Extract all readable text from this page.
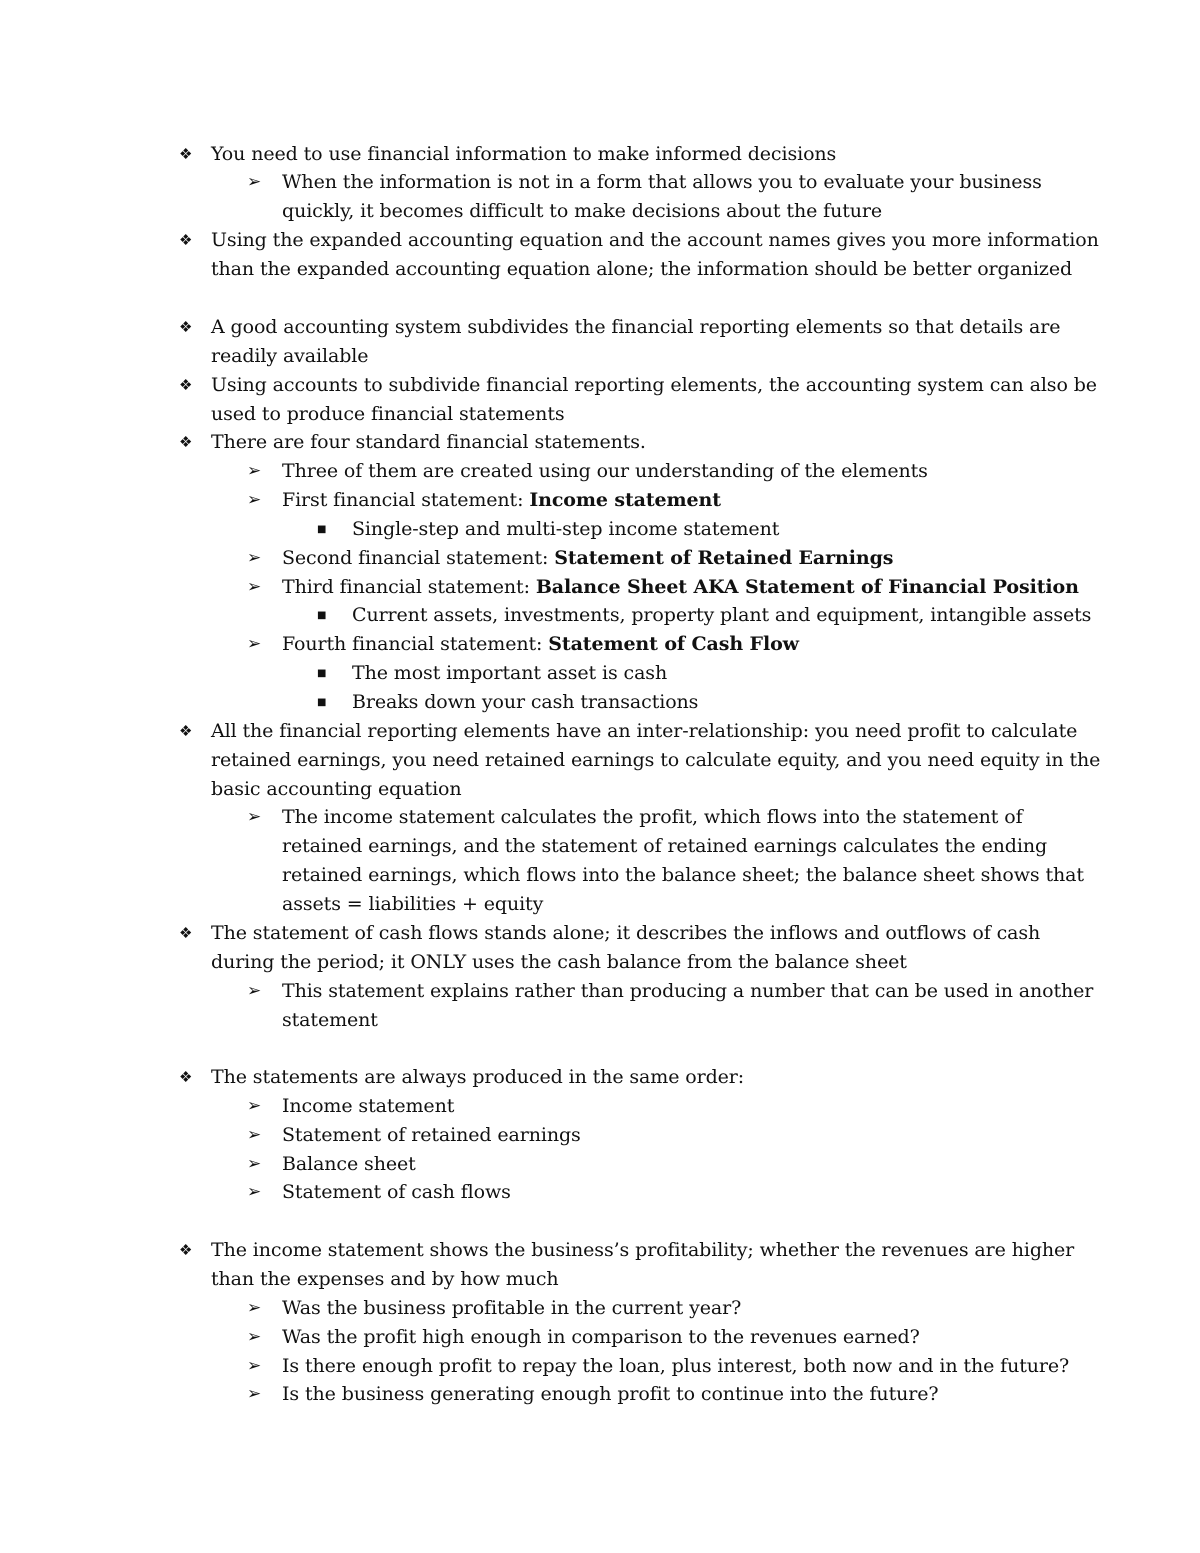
❖ You need to use financial information to make informed decisions
➢ When the information is not in a form that allows you to evaluate your business
quickly, it becomes difficult to make decisions about the future
❖ Using the expanded accounting equation and the account names gives you more information
than the expanded accounting equation alone; the information should be better organized
❖ A good accounting system subdivides the financial reporting elements so that details are
readily available
❖ Using accounts to subdivide financial reporting elements, the accounting system can also be
used to produce financial statements
❖ There are four standard financial statements.
➢ Three of them are created using our understanding of the elements
➢ First financial statement: Income statement
■ Single-step and multi-step income statement
➢ Second financial statement: Statement of Retained Earnings
➢ Third financial statement: Balance Sheet AKA Statement of Financial Position
■ Current assets, investments, property plant and equipment, intangible assets
➢ Fourth financial statement: Statement of Cash Flow
■ The most important asset is cash
■ Breaks down your cash transactions
❖ All the financial reporting elements have an inter-relationship: you need profit to calculate
retained earnings, you need retained earnings to calculate equity, and you need equity in the
basic accounting equation
➢ The income statement calculates the profit, which flows into the statement of
retained earnings, and the statement of retained earnings calculates the ending
retained earnings, which flows into the balance sheet; the balance sheet shows that
assets = liabilities + equity
❖ The statement of cash flows stands alone; it describes the inflows and outflows of cash
during the period; it ONLY uses the cash balance from the balance sheet
➢ This statement explains rather than producing a number that can be used in another
statement
❖ The statements are always produced in the same order:
➢ Income statement
➢ Statement of retained earnings
➢ Balance sheet
➢ Statement of cash flows
❖ The income statement shows the business’s profitability; whether the revenues are higher
than the expenses and by how much
➢ Was the business profitable in the current year?
➢ Was the profit high enough in comparison to the revenues earned?
➢ Is there enough profit to repay the loan, plus interest, both now and in the future?
➢ Is the business generating enough profit to continue into the future?
